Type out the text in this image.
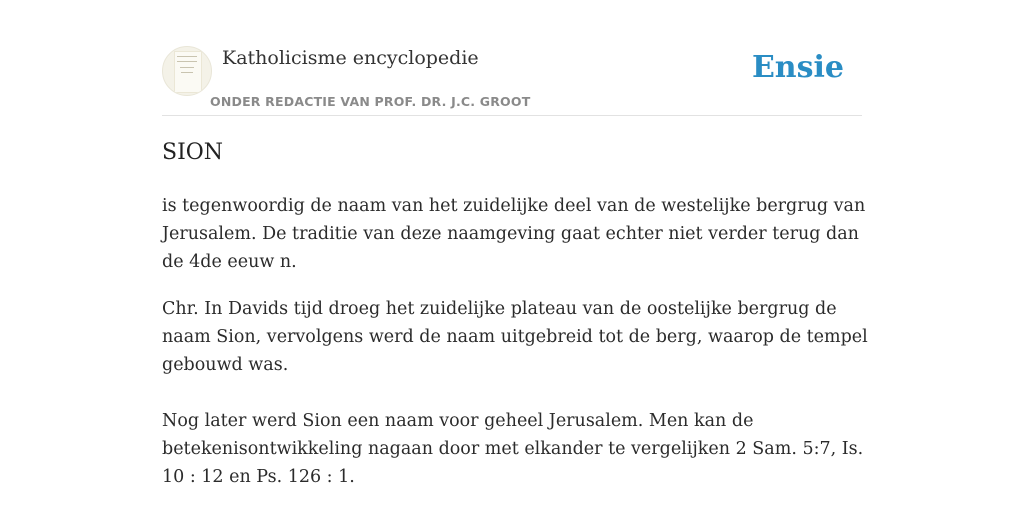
Katholicisme encyclopedie
ONDER REDACTIE VAN PROF. DR. J.C. GROOT
Ensie
SION

is tegenwoordig de naam van het zuidelijke deel van de westelijke bergrug van Jerusalem. De traditie van deze naamgeving gaat echter niet verder terug dan de 4de eeuw n.

Chr. In Davids tijd droeg het zuidelijke plateau van de oostelijke bergrug de naam Sion, vervolgens werd de naam uitgebreid tot de berg, waarop de tempel gebouwd was.

Nog later werd Sion een naam voor geheel Jerusalem. Men kan de betekenisontwikkeling nagaan door met elkander te vergelijken 2 Sam. 5:7, Is. 10 : 12 en Ps. 126 : 1.
